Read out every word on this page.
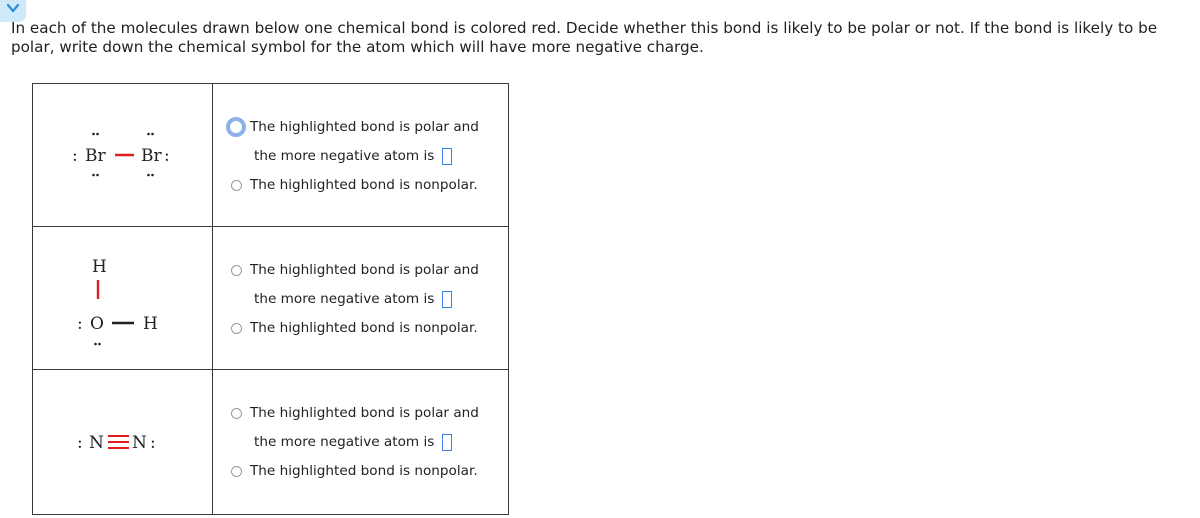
In each of the molecules drawn below one chemical bond is colored red. Decide whether this bond is likely to be polar or not. If the bond is likely to be polar, write down the chemical symbol for the atom which will have more negative charge.

: Br Br :
The highlighted bond is polar and
the more negative atom is
The highlighted bond is nonpolar.
H
: O H
The highlighted bond is polar and
the more negative atom is
The highlighted bond is nonpolar.
: N N :
The highlighted bond is polar and
the more negative atom is
The highlighted bond is nonpolar.
